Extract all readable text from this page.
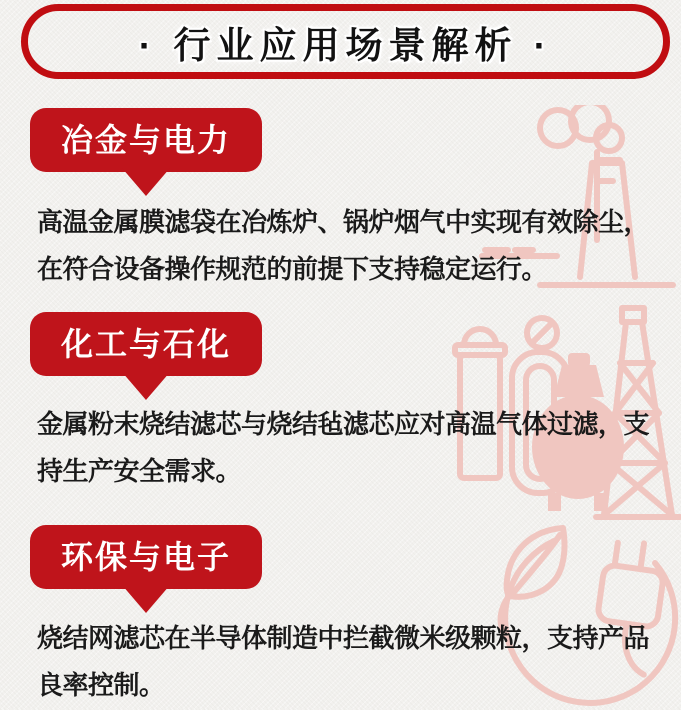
· 行业应用场景解析 ·
冶金与电力

高温金属膜滤袋在冶炼炉、锅炉烟气中实现有效除尘，
在符合设备操作规范的前提下支持稳定运行。

化工与石化

金属粉末烧结滤芯与烧结毡滤芯应对高温气体过滤，支
持生产安全需求。

环保与电子

烧结网滤芯在半导体制造中拦截微米级颗粒，支持产品
良率控制。
